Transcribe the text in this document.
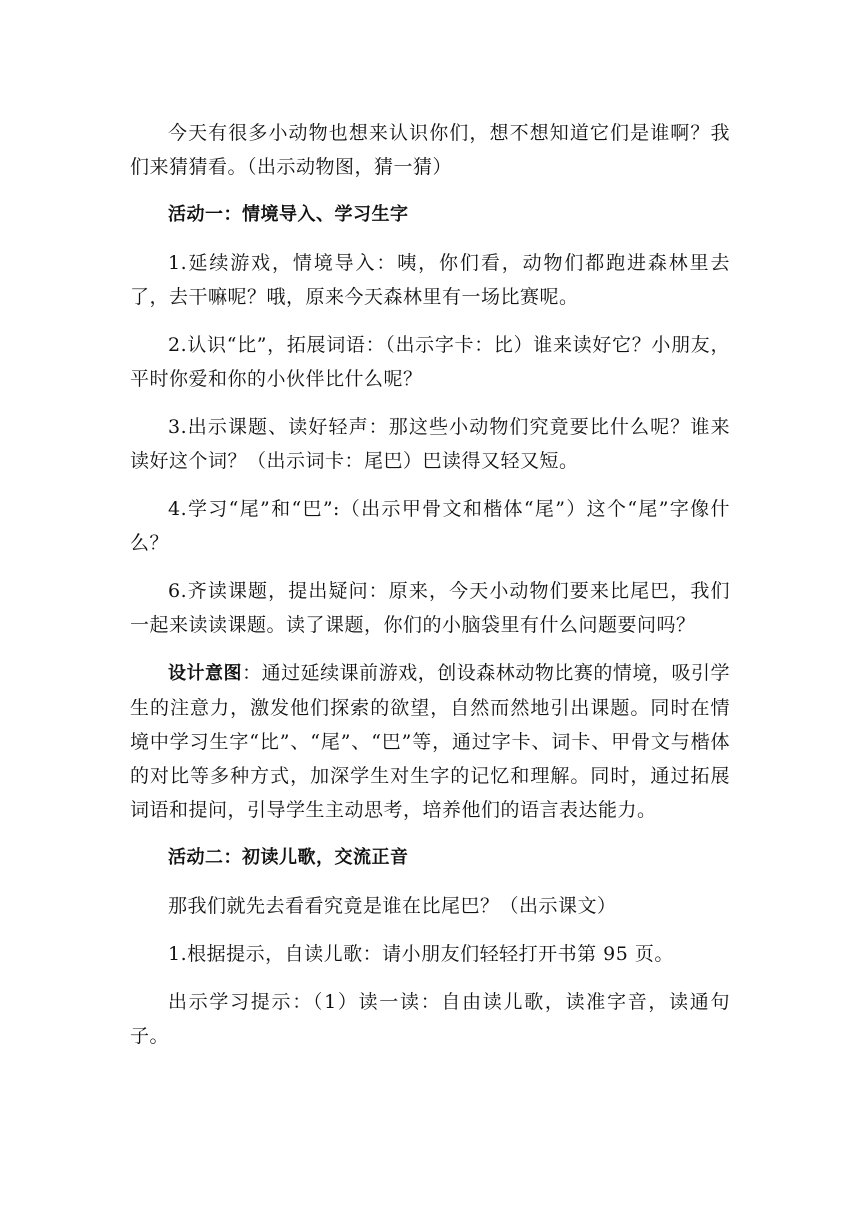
今天有很多小动物也想来认识你们，想不想知道它们是谁啊？我们来猜猜看。（出示动物图，猜一猜）

活动一：情境导入、学习生字

1.延续游戏，情境导入：咦，你们看，动物们都跑进森林里去了，去干嘛呢？哦，原来今天森林里有一场比赛呢。

2.认识“比”，拓展词语：（出示字卡：比）谁来读好它？小朋友，平时你爱和你的小伙伴比什么呢？

3.出示课题、读好轻声：那这些小动物们究竟要比什么呢？谁来读好这个词？（出示词卡：尾巴）巴读得又轻又短。

4.学习“尾”和“巴”:（出示甲骨文和楷体“尾”）这个“尾”字像什么？

6.齐读课题，提出疑问：原来，今天小动物们要来比尾巴，我们一起来读读课题。读了课题，你们的小脑袋里有什么问题要问吗？

设计意图：通过延续课前游戏，创设森林动物比赛的情境，吸引学生的注意力，激发他们探索的欲望，自然而然地引出课题。同时在情境中学习生字“比”、“尾”、“巴”等，通过字卡、词卡、甲骨文与楷体的对比等多种方式，加深学生对生字的记忆和理解。同时，通过拓展词语和提问，引导学生主动思考，培养他们的语言表达能力。

活动二：初读儿歌，交流正音

那我们就先去看看究竟是谁在比尾巴？（出示课文）

1.根据提示，自读儿歌：请小朋友们轻轻打开书第 95 页。

出示学习提示：（1）读一读：自由读儿歌，读准字音，读通句子。
